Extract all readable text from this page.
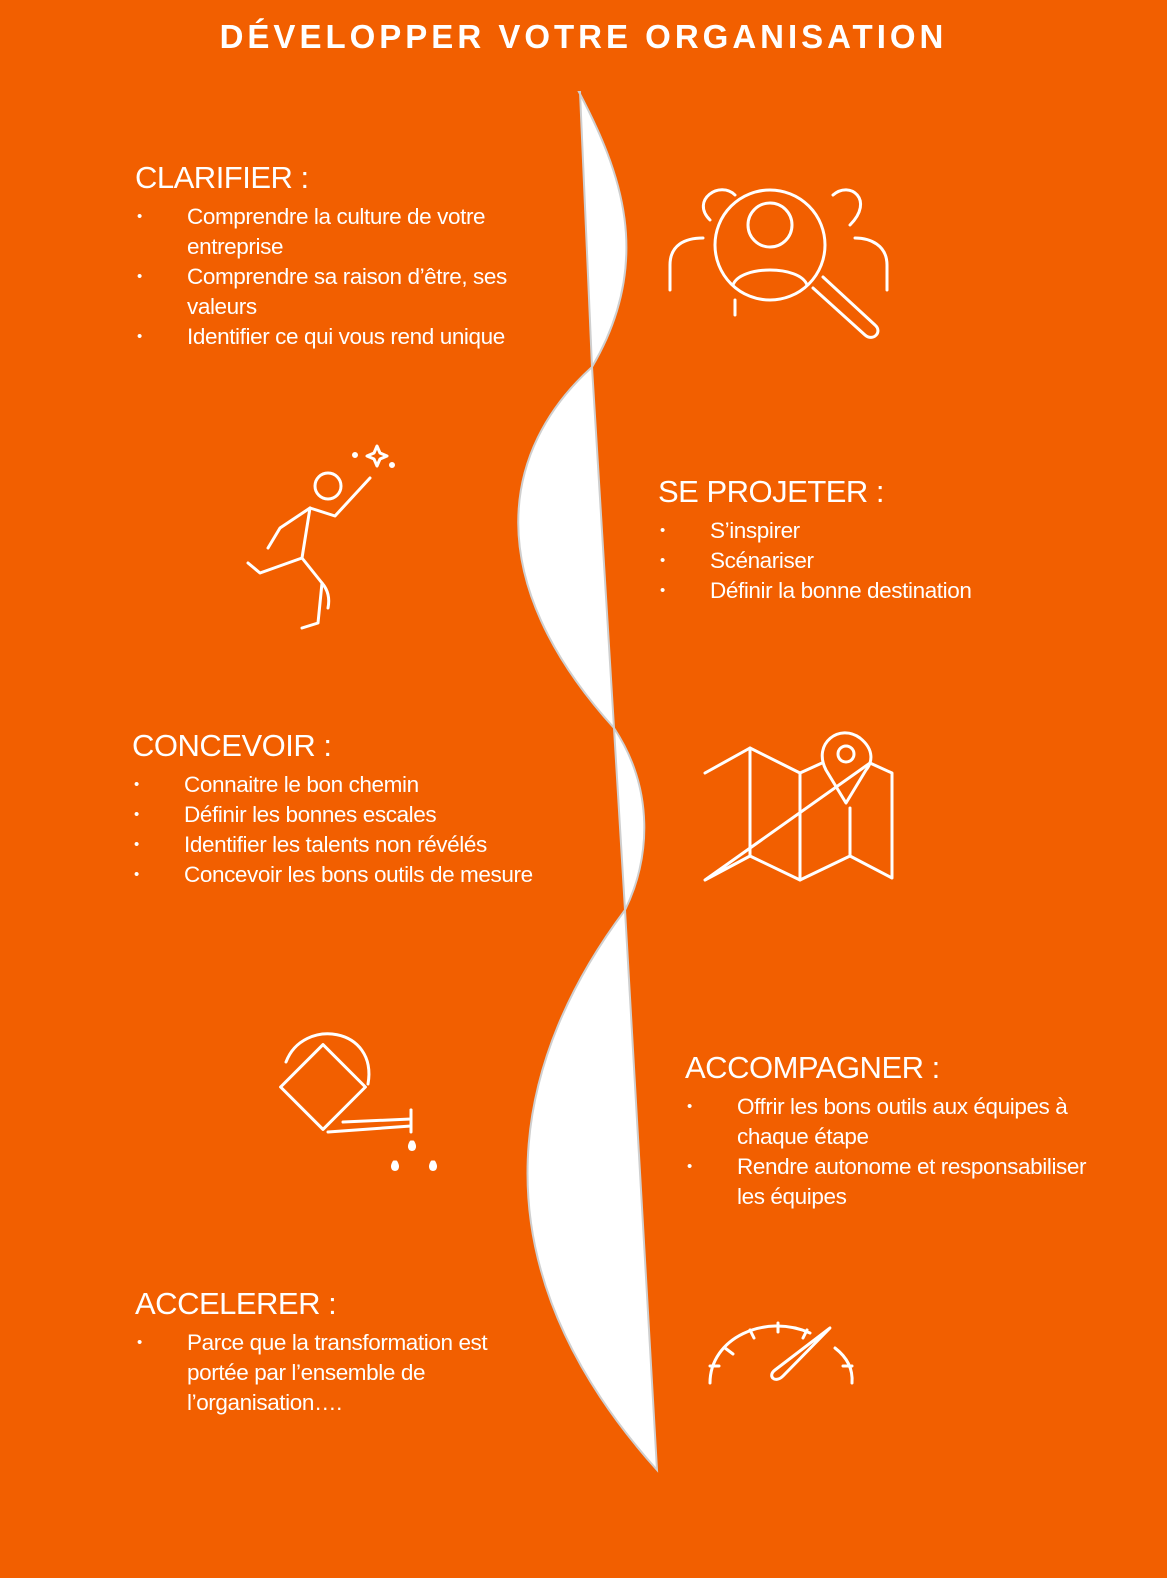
DÉVELOPPER VOTRE ORGANISATION
CLARIFIER :
• Comprendre la culture de votre entreprise
• Comprendre sa raison d’être, ses valeurs
• Identifier ce qui vous rend unique
SE PROJETER :
• S’inspirer
• Scénariser
• Définir la bonne destination
CONCEVOIR :
• Connaitre le bon chemin
• Définir les bonnes escales
• Identifier les talents non révélés
• Concevoir les bons outils de mesure
ACCOMPAGNER :
• Offrir les bons outils aux équipes à chaque étape
• Rendre autonome et responsabiliser les équipes
ACCELERER :
• Parce que la transformation est portée par l’ensemble de l’organisation….
